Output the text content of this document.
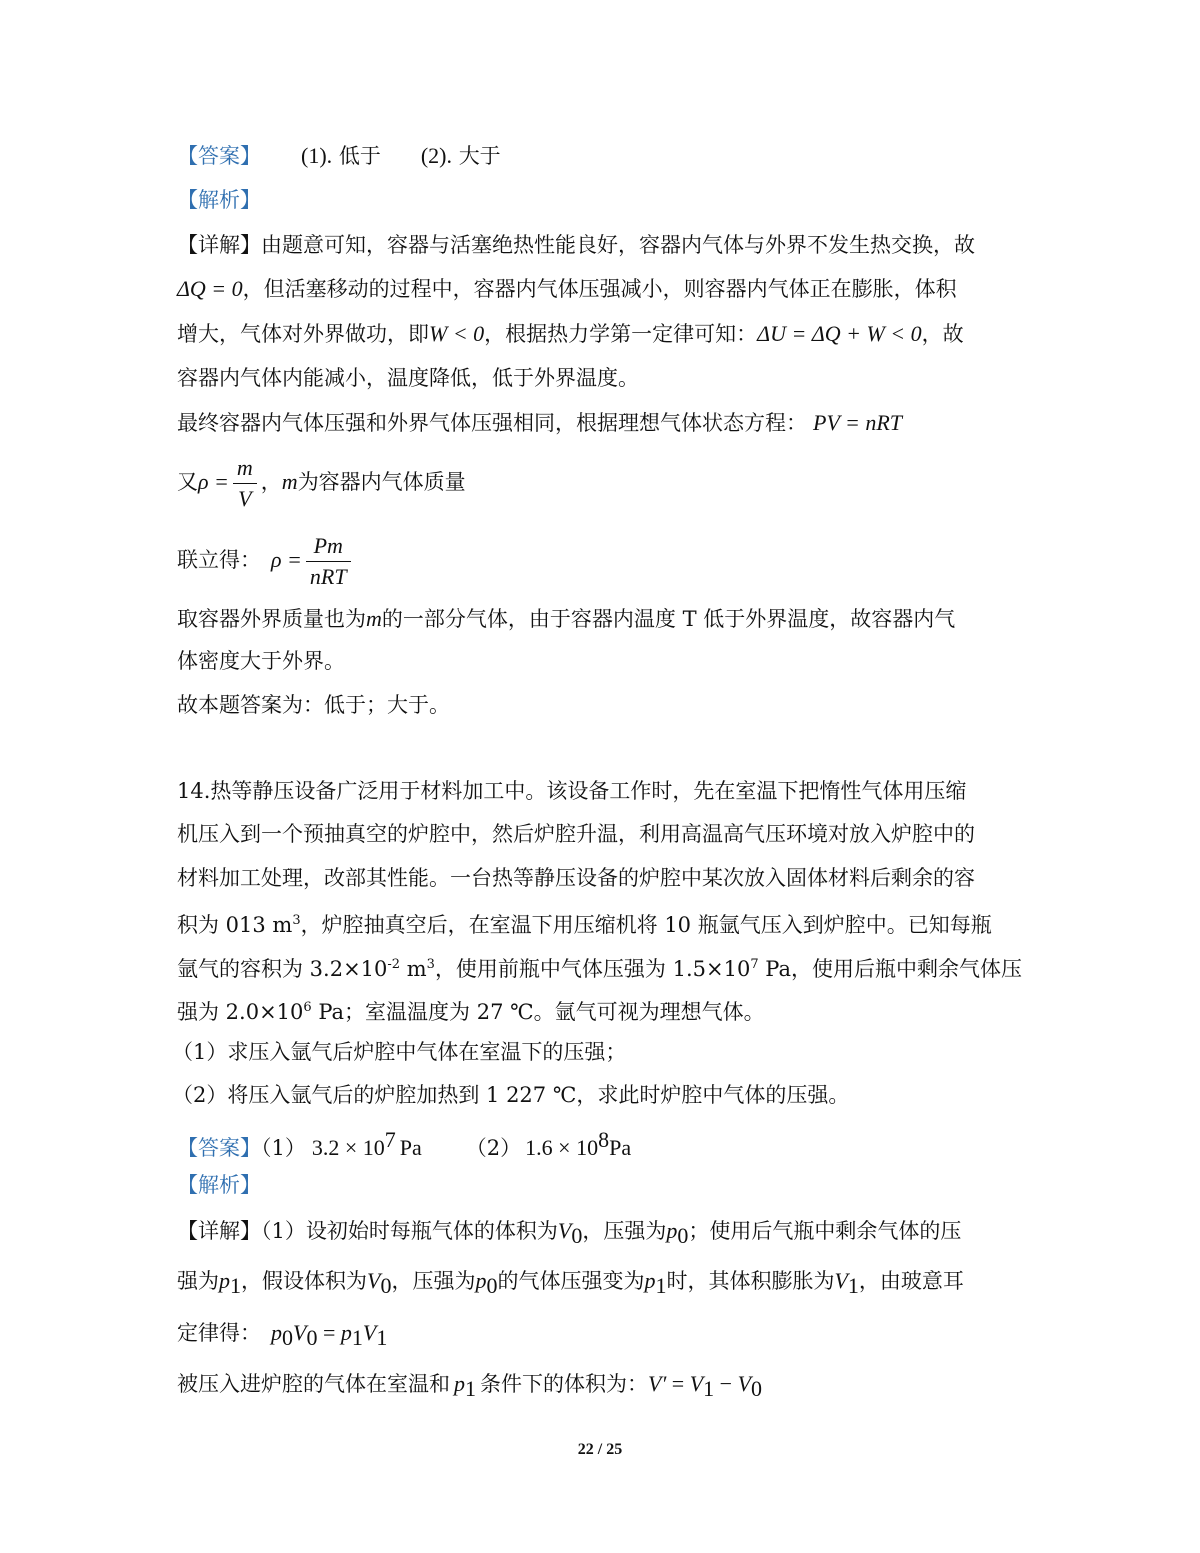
【答案】 (1). 低于 (2). 大于
【解析】
【详解】由题意可知，容器与活塞绝热性能良好，容器内气体与外界不发生热交换，故
ΔQ = 0，但活塞移动的过程中，容器内气体压强减小，则容器内气体正在膨胀，体积
增大，气体对外界做功，即W < 0，根据热力学第一定律可知：ΔU = ΔQ + W < 0，故
容器内气体内能减小，温度降低，低于外界温度。
最终容器内气体压强和外界气体压强相同，根据理想气体状态方程： PV = nRT
又$\rho = \frac{m}{V}$ ，m为容器内气体质量
联立得： $\rho = \frac{Pm}{\text{nRT}}$
取容器外界质量也为m的一部分气体，由于容器内温度 T 低于外界温度，故容器内气
体密度大于外界。
故本题答案为：低于；大于。
14.热等静压设备广泛用于材料加工中。该设备工作时，先在室温下把惰性气体用压缩
机压入到一个预抽真空的炉腔中，然后炉腔升温，利用高温高气压环境对放入炉腔中的
材料加工处理，改部其性能。一台热等静压设备的炉腔中某次放入固体材料后剩余的容
积为 013 $m^3$，炉腔抽真空后，在室温下用压缩机将 10 瓶氩气压入到炉腔中。已知每瓶
氩气的容积为 $3.2\times 10^{-2}$ $m^3$，使用前瓶中气体压强为 $1.5\times 10^7$ Pa，使用后瓶中剩余气体压
强为 $2.0\times 10^6$ Pa；室温温度为 27 ℃。氩气可视为理想气体。
（1）求压入氩气后炉腔中气体在室温下的压强；
（2）将压入氩气后的炉腔加热到 1 227 ℃，求此时炉腔中气体的压强。
【答案】（1） $3.2 \times 10^7$ Pa （2） $1.6 \times 10^8Pa$
【解析】
【详解】（1）设初始时每瓶气体的体积为$V_0$，压强为$p_0$；使用后气瓶中剩余气体的压
强为$p_1$，假设体积为$V_0$，压强为$p_0$的气体压强变为$p_1$时，其体积膨胀为$V_1$，由玻意耳
定律得： $p_0V_0 = p_1V_1$
被压入进炉腔的气体在室温和 $p_1$ 条件下的体积为：$V' = V_1 - V_0$
22 / 25
